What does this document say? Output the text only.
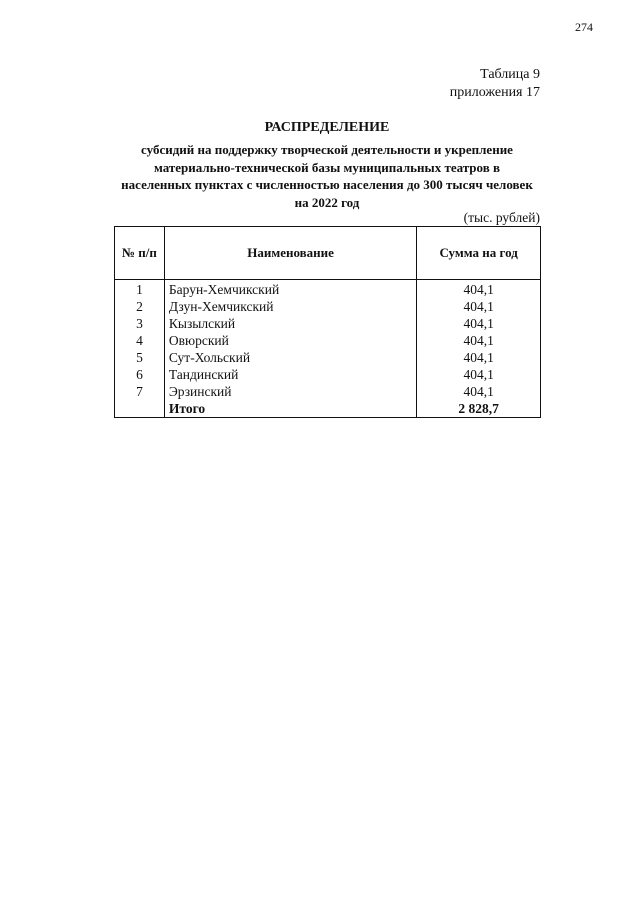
274
Таблица 9
приложения 17
РАСПРЕДЕЛЕНИЕ
субсидий на поддержку творческой деятельности и укрепление
материально-технической базы муниципальных театров в
населенных пунктах с численностью населения до 300 тысяч человек
на 2022 год
(тыс. рублей)
№ п/п	Наименование	Сумма на год
1	Барун-Хемчикский	404,1
2	Дзун-Хемчикский	404,1
3	Кызылский	404,1
4	Овюрский	404,1
5	Сут-Хольский	404,1
6	Тандинский	404,1
7	Эрзинский	404,1
	Итого	2 828,7
